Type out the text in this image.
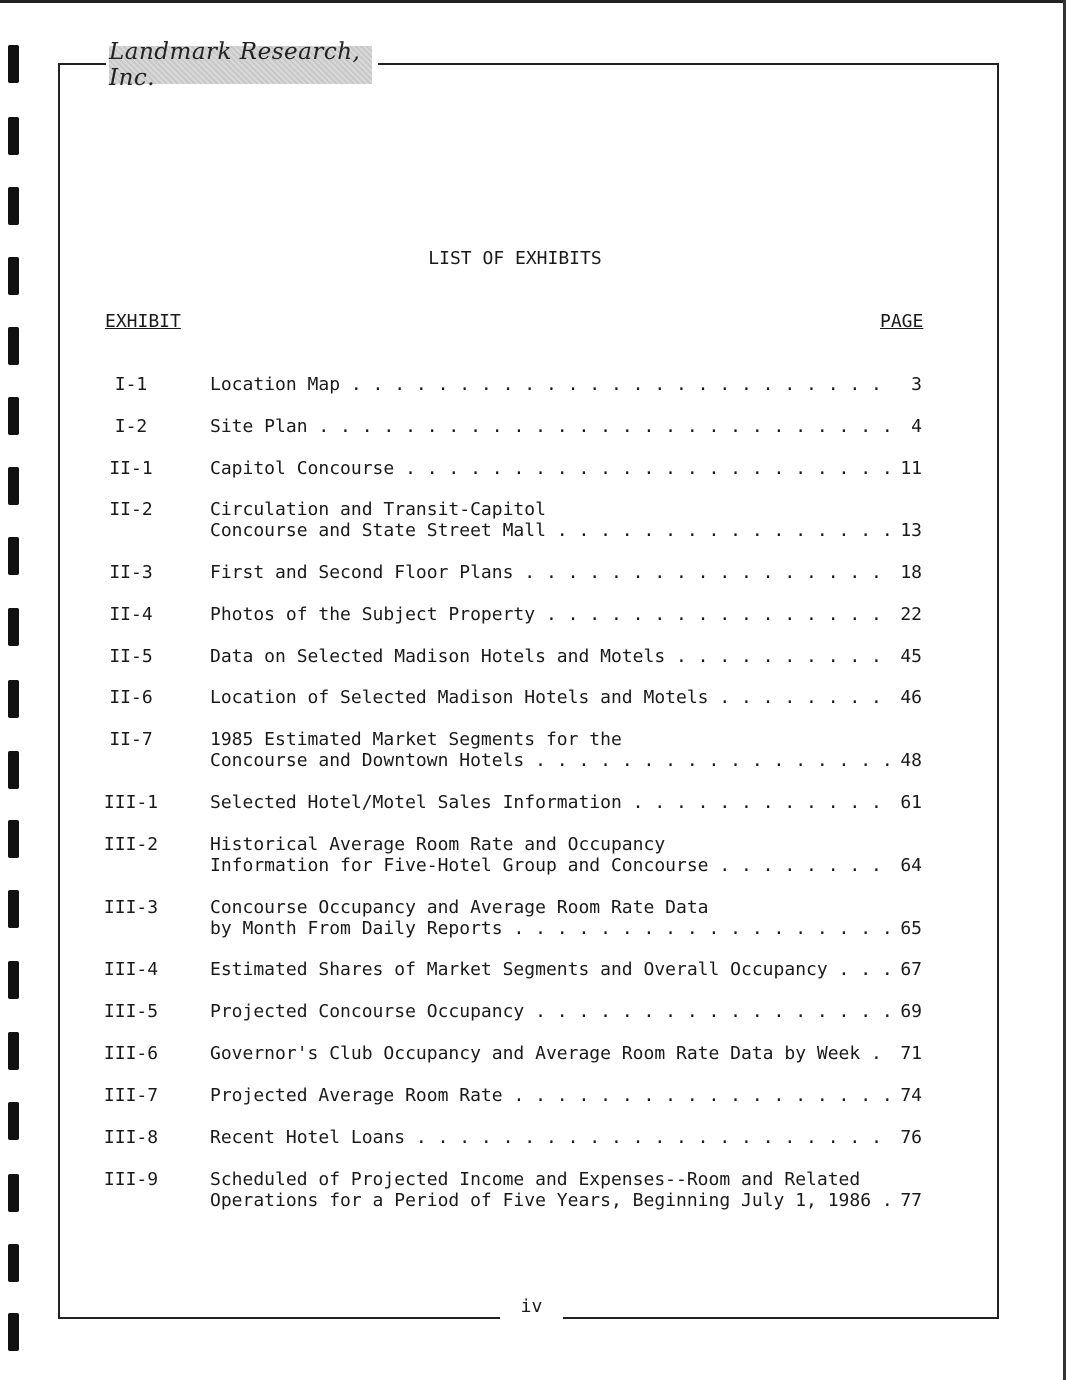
Landmark Research, Inc.
LIST OF EXHIBITS
EXHIBIT	PAGE
I-1	Location Map . . .	3
I-2	Site Plan . . .	4
II-1	Capitol Concourse . . .	11
II-2	Circulation and Transit-Capitol
Concourse and State Street Mall . . .	13
II-3	First and Second Floor Plans . . .	18
II-4	Photos of the Subject Property . . .	22
II-5	Data on Selected Madison Hotels and Motels . . .	45
II-6	Location of Selected Madison Hotels and Motels . . .	46
II-7	1985 Estimated Market Segments for the
Concourse and Downtown Hotels . . .	48
III-1	Selected Hotel/Motel Sales Information . . .	61
III-2	Historical Average Room Rate and Occupancy
Information for Five-Hotel Group and Concourse . . .	64
III-3	Concourse Occupancy and Average Room Rate Data
by Month From Daily Reports . . .	65
III-4	Estimated Shares of Market Segments and Overall Occupancy . . .	67
III-5	Projected Concourse Occupancy . . .	69
III-6	Governor's Club Occupancy and Average Room Rate Data by Week . . .	71
III-7	Projected Average Room Rate . . .	74
III-8	Recent Hotel Loans . . .	76
III-9	Scheduled of Projected Income and Expenses--Room and Related
Operations for a Period of Five Years, Beginning July 1, 1986 . . .	77
iv
